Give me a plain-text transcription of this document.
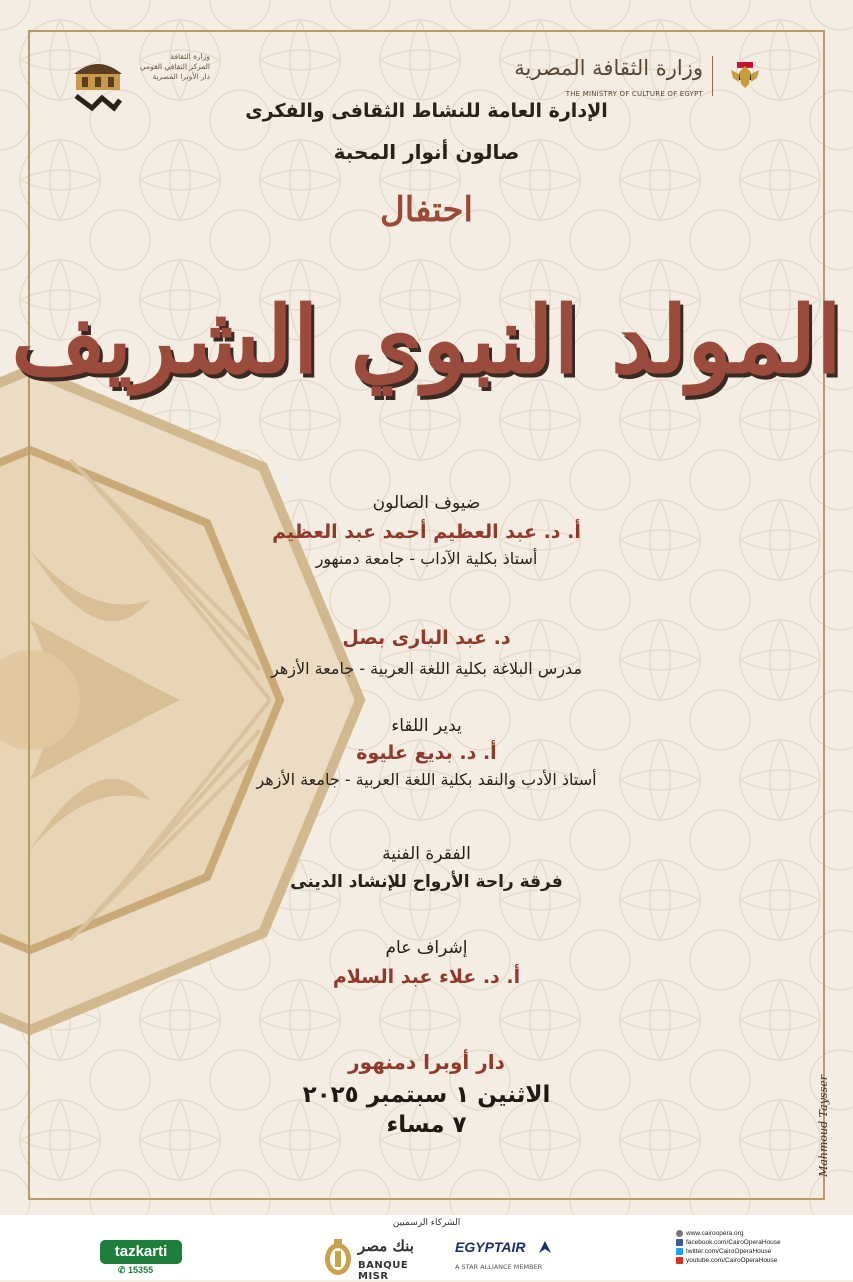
وزارة الثقافة المصرية
THE MINISTRY OF CULTURE OF EGYPT
وزارة الثقافة
المركز الثقافي القومي
دار الأوبرا المصرية
الإدارة العامة للنشاط الثقافى والفكرى
صالون أنوار المحبة
احتفال
المولد النبوي الشريف
ضيوف الصالون
أ. د. عبد العظيم أحمد عبد العظيم
أستاذ بكلية الآداب - جامعة دمنهور
د. عبد البارى بصل
مدرس البلاغة بكلية اللغة العربية - جامعة الأزهر
يدير اللقاء
أ. د. بديع عليوة
أستاذ الأدب والنقد بكلية اللغة العربية - جامعة الأزهر
الفقرة الفنية
فرقة راحة الأرواح للإنشاد الدينى
إشراف عام
أ. د. علاء عبد السلام
دار أوبرا دمنهور
الاثنين ١ سبتمبر ٢٠٢٥
٧ مساء	Mahmoud Taysser
الشركاء الرسميين
tazkarti
✆ 15355
بنك مصر
BANQUE MISR
EGYPTAIR
A STAR ALLIANCE MEMBER
www.cairoopera.org
facebook.com/CairoOperaHouse
twitter.com/CairoOperaHouse
youtube.com/CairoOperaHouse
